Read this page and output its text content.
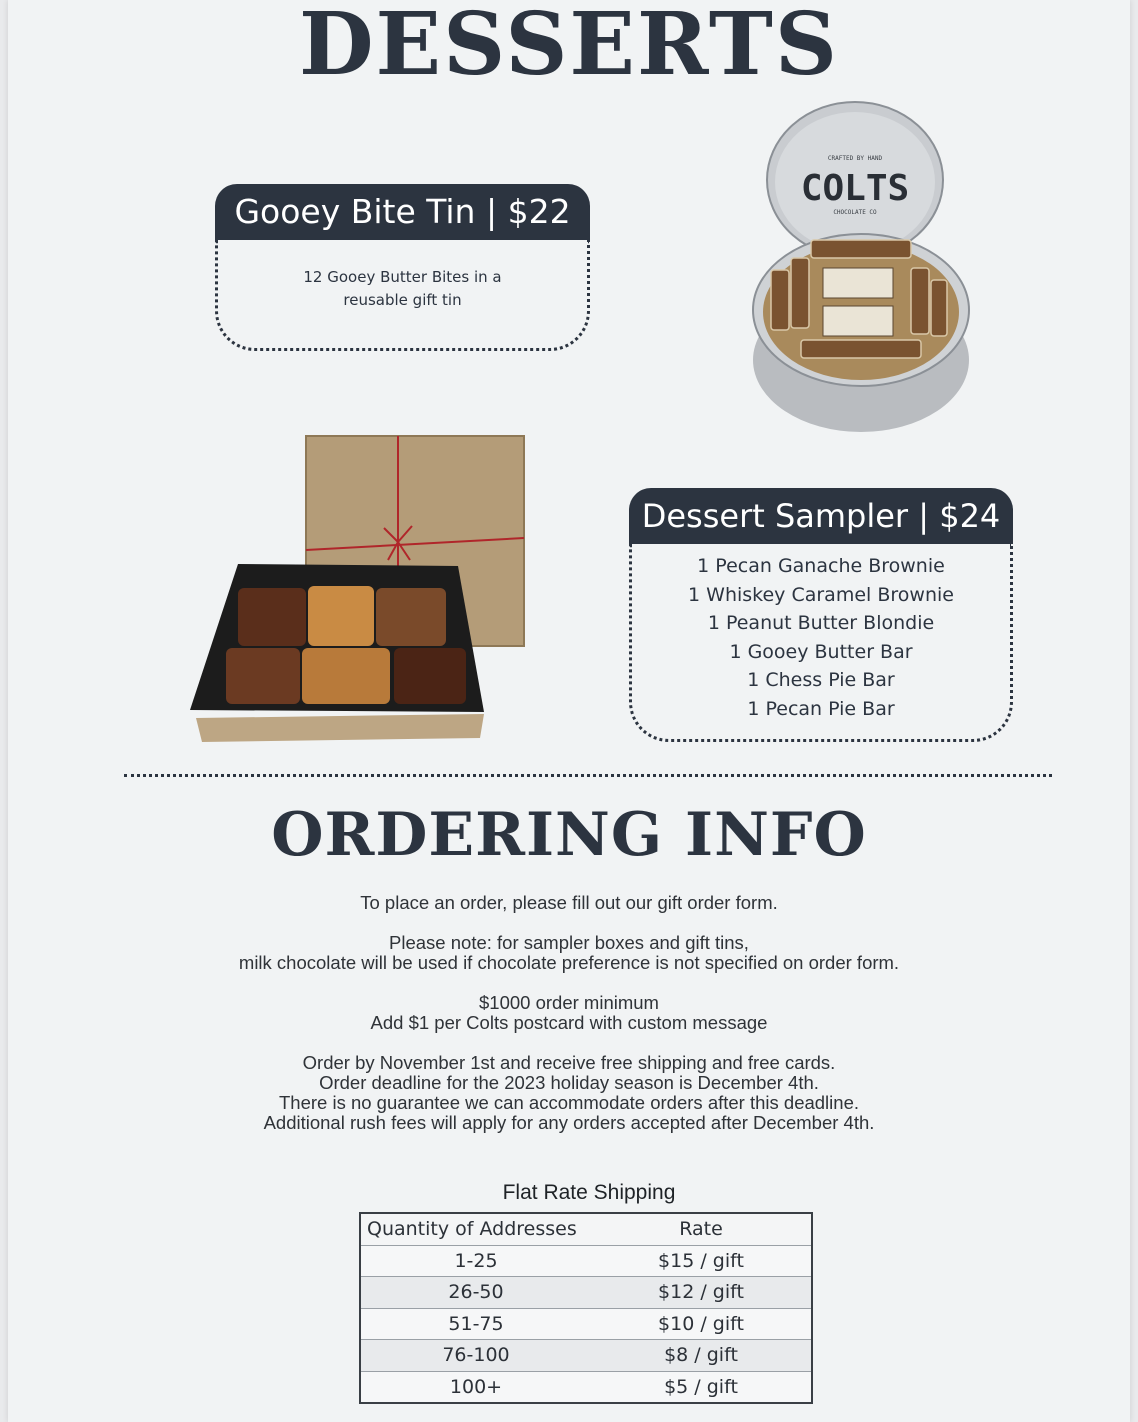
DESSERTS
Gooey Bite Tin | $22
12 Gooey Butter Bites in a
reusable gift tin
CRAFTED BY HAND
COLTS
CHOCOLATE CO
Dessert Sampler | $24
1 Pecan Ganache Brownie
1 Whiskey Caramel Brownie
1 Peanut Butter Blondie
1 Gooey Butter Bar
1 Chess Pie Bar
1 Pecan Pie Bar
ORDERING INFO
To place an order, please fill out our gift order form.
Please note: for sampler boxes and gift tins,
milk chocolate will be used if chocolate preference is not specified on order form.
$1000 order minimum
Add $1 per Colts postcard with custom message
Order by November 1st and receive free shipping and free cards.
Order deadline for the 2023 holiday season is December 4th.
There is no guarantee we can accommodate orders after this deadline.
Additional rush fees will apply for any orders accepted after December 4th.
Flat Rate Shipping
Quantity of Addresses	Rate
1-25	$15 / gift
26-50	$12 / gift
51-75	$10 / gift
76-100	$8 / gift
100+	$5 / gift
